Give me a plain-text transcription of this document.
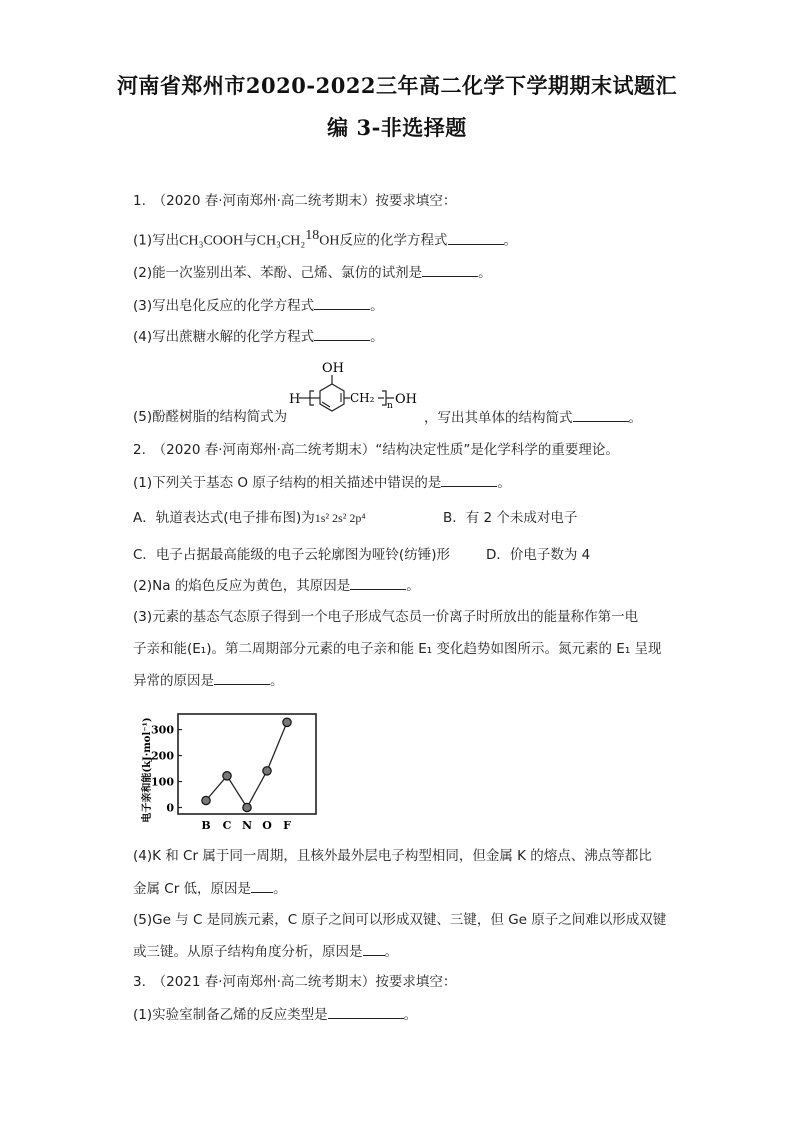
河南省郑州市2020-2022三年高二化学下学期期末试题汇
编 3-非选择题
1.　（2020 春·河南郑州·高二统考期末）按要求填空：
(1)写出CH₃COOH与CH₃CH₂$^{18}$OH反应的化学方程式	。
(2)能一次鉴别出苯、苯酚、己烯、氯仿的试剂是	。
(3)写出皂化反应的化学方程式	。
(4)写出蔗糖水解的化学方程式	。
OH
H	CH₂
n OH
(5)酚醛树脂的结构简式为	，写出其单体的结构简式	。
2.　（2020 春·河南郑州·高二统考期末）“结构决定性质”是化学科学的重要理论。
(1)下列关于基态 O 原子结构的相关描述中错误的是	。
A．轨道表达式(电子排布图)为1s² 2s² 2p⁴	B．有 2 个未成对电子
C．电子占据最高能级的电子云轮廓图为哑铃(纺锤)形	D．价电子数为 4
(2)Na 的焰色反应为黄色，其原因是	。
(3)元素的基态气态原子得到一个电子形成气态员一价离子时所放出的能量称作第一电
子亲和能(E₁)。第二周期部分元素的电子亲和能 E₁ 变化趋势如图所示。氮元素的 E₁ 呈现
异常的原因是	。
电子亲和能(kJ·mol⁻¹) 0
100
200
300
B C N O F
(4)K 和 Cr 属于同一周期，且核外最外层电子构型相同，但金属 K 的熔点、沸点等都比
金属 Cr 低，原因是 。
(5)Ge 与 C 是同族元素，C 原子之间可以形成双键、三键，但 Ge 原子之间难以形成双键
或三键。从原子结构角度分析，原因是 。
3.　（2021 春·河南郑州·高二统考期末）按要求填空：
(1)实验室制备乙烯的反应类型是	。
